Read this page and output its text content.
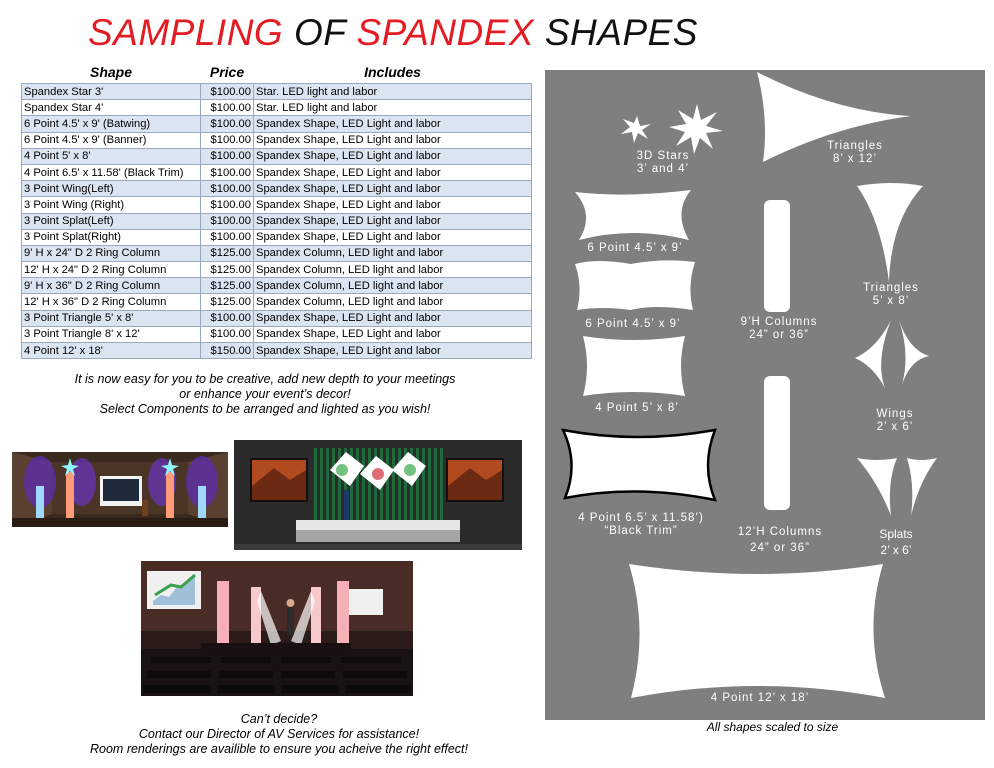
SAMPLING OF SPANDEX SHAPES
Shape	Price	Includes
Spandex Star 3'	$100.00	Star. LED light and labor
Spandex Star 4'	$100.00	Star. LED light and labor
6 Point 4.5' x 9' (Batwing)	$100.00	Spandex Shape, LED Light and labor
6 Point 4.5' x 9' (Banner)	$100.00	Spandex Shape, LED Light and labor
4 Point 5' x 8'	$100.00	Spandex Shape, LED Light and labor
4 Point 6.5' x 11.58' (Black Trim)	$100.00	Spandex Shape, LED Light and labor
3 Point Wing(Left)	$100.00	Spandex Shape, LED Light and labor
3 Point Wing (Right)	$100.00	Spandex Shape, LED Light and labor
3 Point Splat(Left)	$100.00	Spandex Shape, LED Light and labor
3 Point Splat(Right)	$100.00	Spandex Shape, LED Light and labor
9' H x 24" D 2 Ring Column	$125.00	Spandex Column, LED light and labor
12' H x 24" D 2 Ring Column	$125.00	Spandex Column, LED light and labor
9' H x 36" D 2 Ring Column	$125.00	Spandex Column, LED light and labor
12' H x 36" D 2 Ring Column	$125.00	Spandex Column, LED light and labor
3 Point Triangle 5' x 8'	$100.00	Spandex Shape, LED Light and labor
3 Point Triangle 8' x 12'	$100.00	Spandex Shape, LED Light and labor
4 Point 12' x 18'	$150.00	Spandex Shape, LED Light and labor
It is now easy for you to be creative, add new depth to your meetings
or enhance your event’s decor!
Select Components to be arranged and lighted as you wish!
Can’t decide?
Contact our Director of AV Services for assistance!
Room renderings are availible to ensure you acheive the right effect!
3D Stars
3’ and 4’
Triangles
8’ x 12’
6 Point 4.5’ x 9’
Triangles
5’ x 8’
6 Point 4.5’ x 9’	9’H Columns
24” or 36”
4 Point 5’ x 8’	Wings
2’ x 6’
4 Point 6.5’ x 11.58’)
“Black Trim”	12’H Columns
24” or 36”
Splats
2’ x 6’
4 Point 12’ x 18’
All shapes scaled to size
